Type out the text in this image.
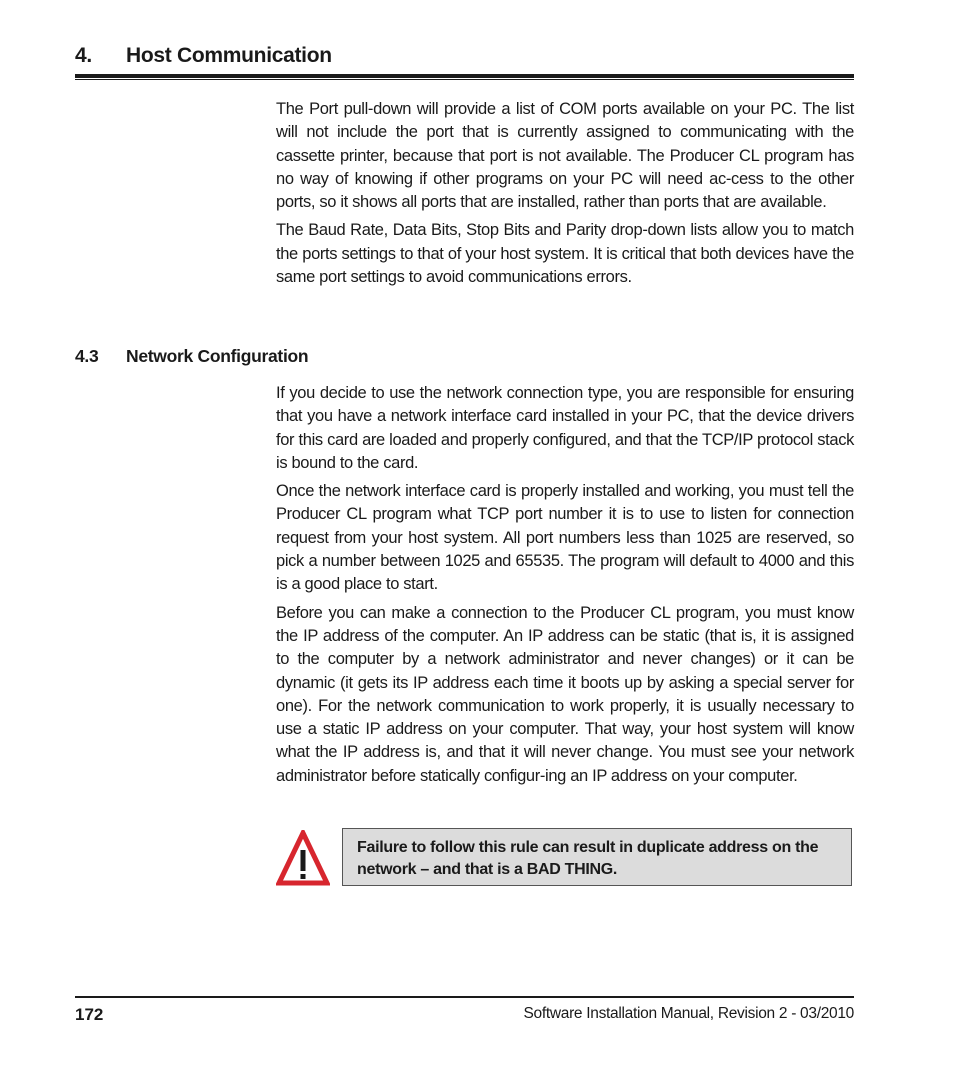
4. Host Communication

The Port pull-down will provide a list of COM ports available on your PC. The list will not include the port that is currently assigned to communicating with the cassette printer, because that port is not available. The Producer CL program has no way of knowing if other programs on your PC will need ac-cess to the other ports, so it shows all ports that are installed, rather than ports that are available.

The Baud Rate, Data Bits, Stop Bits and Parity drop-down lists allow you to match the ports settings to that of your host system. It is critical that both devices have the same port settings to avoid communications errors.

4.3 Network Configuration

If you decide to use the network connection type, you are responsible for ensuring that you have a network interface card installed in your PC, that the device drivers for this card are loaded and properly configured, and that the TCP/IP protocol stack is bound to the card.

Once the network interface card is properly installed and working, you must tell the Producer CL program what TCP port number it is to use to listen for connection request from your host system. All port numbers less than 1025 are reserved, so pick a number between 1025 and 65535. The program will default to 4000 and this is a good place to start.

Before you can make a connection to the Producer CL program, you must know the IP address of the computer. An IP address can be static (that is, it is assigned to the computer by a network administrator and never changes) or it can be dynamic (it gets its IP address each time it boots up by asking a special server for one). For the network communication to work properly, it is usually necessary to use a static IP address on your computer. That way, your host system will know what the IP address is, and that it will never change. You must see your network administrator before statically configur-ing an IP address on your computer.

Failure to follow this rule can result in duplicate address on the network – and that is a BAD THING.
172	Software Installation Manual, Revision 2 - 03/2010
